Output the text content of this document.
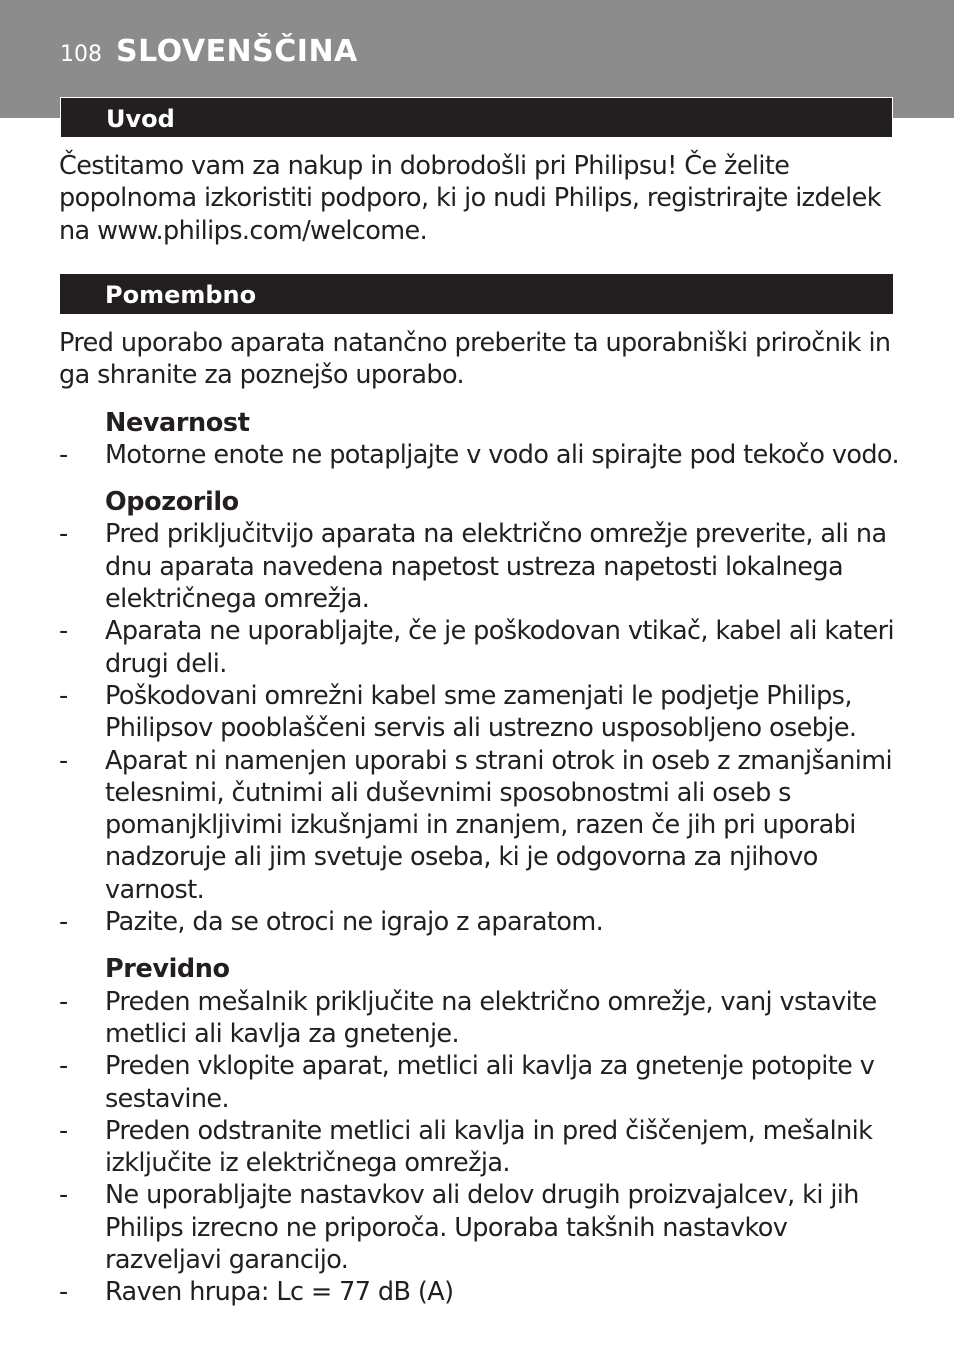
108 SLOVENŠČINA
Uvod

Čestitamo vam za nakup in dobrodošli pri Philipsu! Če želite popolnoma izkoristiti podporo, ki jo nudi Philips, registrirajte izdelek na www.philips.com/welcome.

Pomembno

Pred uporabo aparata natančno preberite ta uporabniški priročnik in ga shranite za poznejšo uporabo.

Nevarnost

- Motorne enote ne potapljajte v vodo ali spirajte pod tekočo vodo.

Opozorilo

- Pred priključitvijo aparata na električno omrežje preverite, ali na dnu aparata navedena napetost ustreza napetosti lokalnega električnega omrežja.
- Aparata ne uporabljajte, če je poškodovan vtikač, kabel ali kateri drugi deli.
- Poškodovani omrežni kabel sme zamenjati le podjetje Philips, Philipsov pooblaščeni servis ali ustrezno usposobljeno osebje.
- Aparat ni namenjen uporabi s strani otrok in oseb z zmanjšanimi telesnimi, čutnimi ali duševnimi sposobnostmi ali oseb s pomanjkljivimi izkušnjami in znanjem, razen če jih pri uporabi nadzoruje ali jim svetuje oseba, ki je odgovorna za njihovo varnost.
- Pazite, da se otroci ne igrajo z aparatom.

Previdno

- Preden mešalnik priključite na električno omrežje, vanj vstavite metlici ali kavlja za gnetenje.
- Preden vklopite aparat, metlici ali kavlja za gnetenje potopite v sestavine.
- Preden odstranite metlici ali kavlja in pred čiščenjem, mešalnik izključite iz električnega omrežja.
- Ne uporabljajte nastavkov ali delov drugih proizvajalcev, ki jih Philips izrecno ne priporoča. Uporaba takšnih nastavkov razveljavi garancijo.
- Raven hrupa: Lc = 77 dB (A)
